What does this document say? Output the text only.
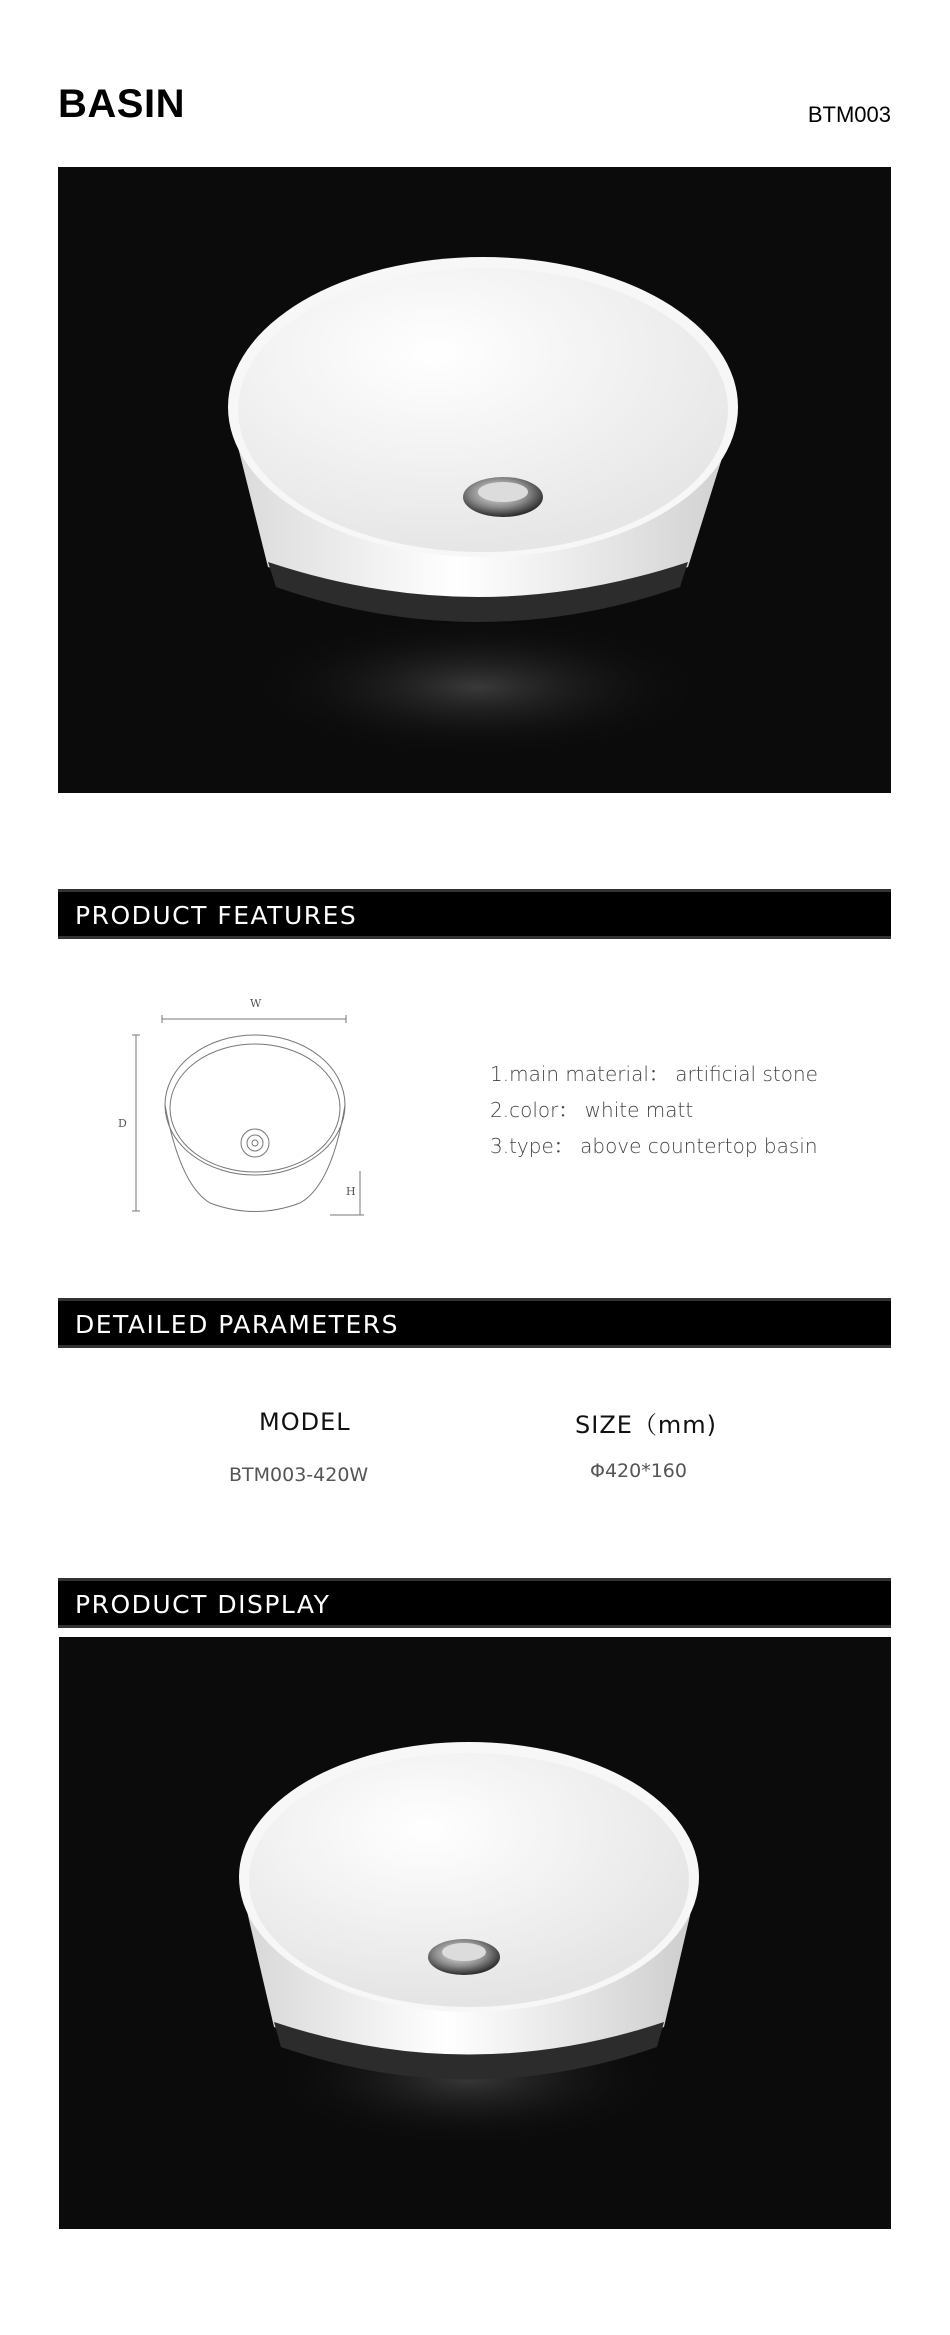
BASIN	BTM003
PRODUCT FEATURES
W
D
H
1.main material： artificial stone
2.color： white matt
3.type： above countertop basin
DETAILED PARAMETERS
MODEL	SIZE（mm)
BTM003-420W	Φ420*160
PRODUCT DISPLAY
